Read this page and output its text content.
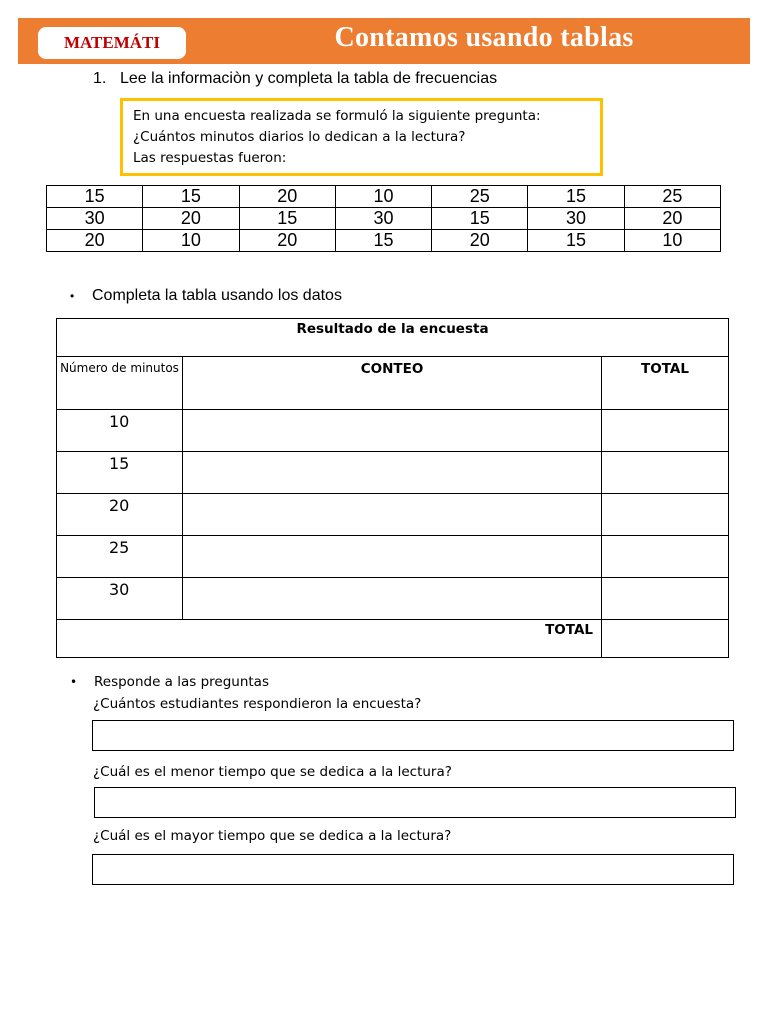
MATEMÁTI	Contamos usando tablas
1. Lee la informaciòn y completa la tabla de frecuencias
En una encuesta realizada se formuló la siguiente pregunta:
¿Cuántos minutos diarios lo dedican a la lectura?
Las respuestas fueron:
15	15	20	10	25	15	25
30	20	15	30	15	30	20
20	10	20	15	20	15	10
• Completa la tabla usando los datos
Resultado de la encuesta		
Número de minutos	CONTEO	TOTAL
10		
15		
20		
25		
30		
TOTAL		
• Responde a las preguntas
¿Cuántos estudiantes respondieron la encuesta?
¿Cuál es el menor tiempo que se dedica a la lectura?
¿Cuál es el mayor tiempo que se dedica a la lectura?
